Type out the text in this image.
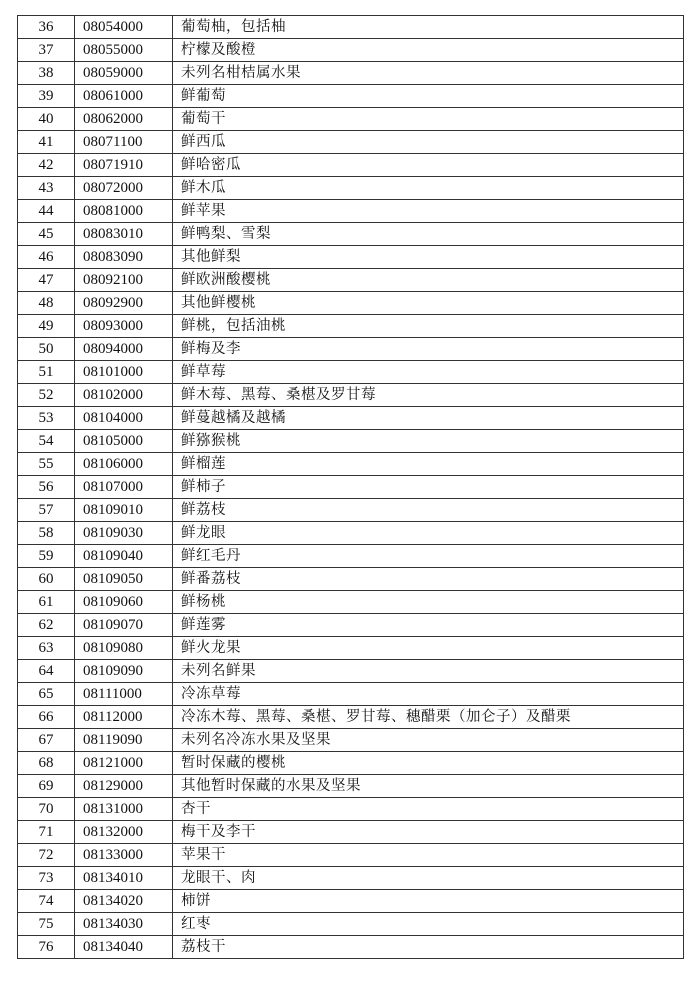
36	08054000	葡萄柚，包括柚
37	08055000	柠檬及酸橙
38	08059000	未列名柑桔属水果
39	08061000	鲜葡萄
40	08062000	葡萄干
41	08071100	鲜西瓜
42	08071910	鲜哈密瓜
43	08072000	鲜木瓜
44	08081000	鲜苹果
45	08083010	鲜鸭梨、雪梨
46	08083090	其他鲜梨
47	08092100	鲜欧洲酸樱桃
48	08092900	其他鲜樱桃
49	08093000	鲜桃，包括油桃
50	08094000	鲜梅及李
51	08101000	鲜草莓
52	08102000	鲜木莓、黑莓、桑椹及罗甘莓
53	08104000	鲜蔓越橘及越橘
54	08105000	鲜猕猴桃
55	08106000	鲜榴莲
56	08107000	鲜柿子
57	08109010	鲜荔枝
58	08109030	鲜龙眼
59	08109040	鲜红毛丹
60	08109050	鲜番荔枝
61	08109060	鲜杨桃
62	08109070	鲜莲雾
63	08109080	鲜火龙果
64	08109090	未列名鲜果
65	08111000	冷冻草莓
66	08112000	冷冻木莓、黑莓、桑椹、罗甘莓、穗醋栗（加仑子）及醋栗
67	08119090	未列名冷冻水果及坚果
68	08121000	暂时保藏的樱桃
69	08129000	其他暂时保藏的水果及坚果
70	08131000	杏干
71	08132000	梅干及李干
72	08133000	苹果干
73	08134010	龙眼干、肉
74	08134020	柿饼
75	08134030	红枣
76	08134040	荔枝干
